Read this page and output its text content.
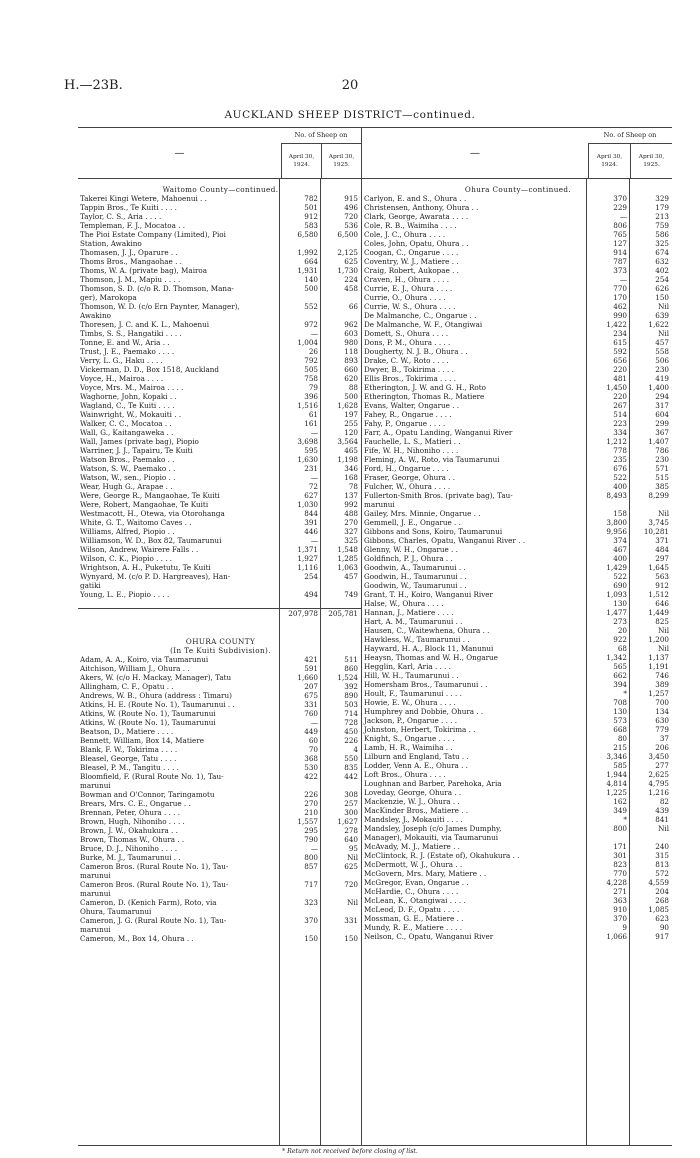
H.—23B.	20
AUCKLAND SHEEP DISTRICT—continued.
—
No. of Sheep on
April 30, 1924.
April 30, 1925.
Waitomo County—continued.
Takerei Kingi Wetere, Mahoenui . .	782	915
Tappin Bros., Te Kuiti . . . .	501	496
Taylor, C. S., Aria . . . .	912	720
Templeman, F. J., Mocatoa . .	583	536
The Pioi Estate Company (Limited), Pioi	6,580	6,500
Station, Awakino
Thomasen, J. J., Oparure . .	1,992	2,125
Thoms Bros., Mangaohae . .	664	625
Thoms, W. A. (private bag), Mairoa	1,931	1,730
Thomson, J. M., Mapiu . . . .	140	224
Thomson, S. D. (c/o R. D. Thomson, Mana-	500	458
ger), Marokopa
Thomson, W. D. (c/o Ern Paynter, Manager),	552	66
Awakino
Thoresen, J. C. and K. L., Mahoenui	972	962
Timbs, S. S., Hangatiki . . . .	—	603
Tonne, E. and W., Aria . .	1,004	980
Trust, J. E., Paemako . . . .	26	118
Verry, L. G., Haku . . . .	792	893
Vickerman, D. D., Box 1518, Auckland	505	660
Voyce, H., Mairoa . . . .	758	620
Voyce, Mrs. M., Mairoa . . . .	79	88
Waghorne, John, Kopaki . .	396	500
Wagland, C., Te Kuiti . . . .	1,516	1,628
Wainwright, W., Mokauiti . .	61	197
Walker, C. C., Mocatoa . .	161	255
Wall, G., Kaitangaweka . .	—	120
Wall, James (private bag), Piopio	3,698	3,564
Warriner, J. J., Tapairu, Te Kuiti	595	465
Watson Bros., Paemako . .	1,630	1,198
Watson, S. W., Paemako . .	231	346
Watson, W., sen., Piopio . .	—	168
Wear, Hugh G., Arapae . .	72	78
Were, George R., Mangaohae, Te Kuiti	627	137
Were, Robert, Mangaohae, Te Kuiti	1,030	992
Westmacott, H., Otewa, via Otorohanga	844	488
White, G. T., Waitomo Caves . .	391	270
Williams, Alfred, Piopio . .	446	327
Williamson, W. D., Box 82, Taumarunui	—	325
Wilson, Andrew, Wairere Falls . .	1,371	1,548
Wilson, C. K., Piopio . . . .	1,927	1,285
Wrightson, A. H., Puketutu, Te Kuiti	1,116	1,063
Wynyard, M. (c/o P. D. Hargreaves), Han-	254	457
gatiki
Young, L. E., Piopio . . . .	494	749
207,978	205,781
OHURA COUNTY
(In Te Kuiti Subdivision).
Adam, A. A., Koiro, via Taumarunui	421	511
Aitchison, William J., Ohura . .	591	860
Akers, W. (c/o H. Mackay, Manager), Tatu	1,660	1,524
Allingham, C. F., Opatu . .	207	392
Andrews, W. B., Ohura (address : Timaru)	675	890
Atkins, H. E. (Route No. 1), Taumarunui . .	331	503
Atkins, W. (Route No. 1), Taumarunui	760	714
Atkins, W. (Route No. 1), Taumarunui	—	728
Beatson, D., Matiere . . . .	449	450
Bennett, William, Box 14, Matiere	60	226
Blank, F. W., Tokirima . . . .	70	4
Bleasel, George, Tatu . . . .	368	550
Bleasel, P. M., Tangitu . . . .	530	835
Bloomfield, F. (Rural Route No. 1), Tau-	422	442
marunui
Bowman and O'Connor, Taringamotu	226	308
Brears, Mrs. C. E., Ongarue . .	270	257
Brennan, Peter, Ohura . . . .	210	300
Brown, Hugh, Nihoniho . . . .	1,557	1,627
Brown, J. W., Okahukura . .	295	278
Brown, Thomas W., Ohura . .	790	640
Bruce, D. J., Nihoniho . . . .	—	95
Burke, M. J., Taumarunui . .	800	Nil
Cameron Bros. (Rural Route No. 1), Tau-	857	625
marunui
Cameron Bros. (Rural Route No. 1), Tau-	717	720
marunui
Cameron, D. (Kenich Farm), Roto, via	323	Nil
Ohura, Taumarunui
Cameron, J. G. (Rural Route No. 1), Tau-	370	331
marunui
Cameron, M., Box 14, Ohura . .	150	150
—
No. of Sheep on
April 30, 1924.
April 30, 1925.
Ohura County—continued.
Carlyon, E. and S., Ohura . .	370	329
Christensen, Anthony, Ohura . .	229	179
Clark, George, Awarata . . . .	—	213
Cole, R. B., Waimiha . . . .	806	759
Cole, J. C., Ohura . . . .	765	586
Coles, John, Opatu, Ohura . .	127	325
Coogan, C., Ongarue . . . .	914	674
Coventry, W. J., Matiere . .	787	632
Craig, Robert, Aukopae . .	373	402
Craven, H., Ohura . . . .	—	254
Currie, E. J., Ohura . . . .	770	626
Currie, O., Ohura . . . .	170	150
Currie, W. S., Ohura . . . .	462	Nil
De Malmanche, C., Ongarue . .	990	639
De Malmanche, W. F., Otangiwai	1,422	1,622
Domett, S., Ohura . . . .	234	Nil
Dons, P. M., Ohura . . . .	615	457
Dougherty, N. J. B., Ohura . .	592	558
Drake, C. W., Roto . . . .	656	506
Dwyer, B., Tokirima . . . .	220	230
Ellis Bros., Tokirima . . . .	481	419
Etherington, J. W. and G. H., Roto	1,450	1,400
Etherington, Thomas R., Matiere	220	294
Evans, Walter, Ongarue . .	267	317
Fahey, R., Ongarue . . . .	514	604
Fahy, P., Ongarue . . . .	223	299
Farr, A., Opatu Landing, Wanganui River	334	367
Fauchelle, L. S., Matieri . .	1,212	1,407
Fife, W. H., Nihoniho . . . .	778	786
Fleming, A. W., Roto, via Taumarunui	235	230
Ford, H., Ongarue . . . .	676	571
Fraser, George, Ohura . .	522	515
Fulcher, W., Ohura . . . .	400	385
Fullerton-Smith Bros. (private bag), Tau-	8,493	8,299
marunui
Gailey, Mrs. Minnie, Ongarue . .	158	Nil
Gemmell, J. E., Ongarue . .	3,800	3,745
Gibbons and Sons, Koiro, Taumarunui	9,956	10,281
Gibbons, Charles, Opatu, Wanganui River . .	374	371
Glenny, W. H., Ongarue . .	467	484
Goldfinch, P. J., Ohura . .	400	297
Goodwin, A., Taumarunui . .	1,429	1,645
Goodwin, H., Taumarunui . .	522	563
Goodwin, W., Taumarunui . .	690	912
Grant, T. H., Koiro, Wanganui River	1,093	1,512
Halse, W., Ohura . . . .	130	646
Hannan, J., Matiere . . . .	1,477	1,449
Hart, A. M., Taumarunui . .	273	825
Hausen, C., Waitewhena, Ohura . .	20	Nil
Hawkless, W., Taumarunui . .	922	1,200
Hayward, H. A., Block 11, Manunui	68	Nil
Heaysn, Thomas and W. H., Ongarue	1,342	1,137
Hegglin, Karl, Aria . . . .	565	1,191
Hill, W. H., Taumarunui . .	662	746
Homersham Bros., Taumarunui . .	394	389
Hoult, F., Taumarunui . . . .	*	1,257
Howie, E. W., Ohura . . . .	708	700
Humphrey and Dobbie, Ohura . .	130	134
Jackson, P., Ongarue . . . .	573	630
Johnston, Herbert, Tokirima . .	668	779
Knight, S., Ongarue . . . .	80	37
Lamb, H. R., Waimiha . .	215	206
Lilburn and England, Tatu . .	3,346	3,450
Lodder, Venn A. E., Ohura . .	585	277
Loft Bros., Ohura . . . .	1,944	2,625
Loughnan and Barber, Parehoka, Aria	4,814	4,795
Loveday, George, Ohura . .	1,225	1,216
Mackenzie, W. J., Ohura . .	162	82
MacKinder Bros., Matiere . .	349	439
Mandsley, J., Mokauiti . . . .	*	841
Mandsley, Joseph (c/o James Dumphy,	800	Nil
Manager), Mokauiti, via Taumarunui
McAvady, M. J., Matiere . .	171	240
McClintock, R. J. (Estate of), Okahukura . .	301	315
McDermott, W. J., Ohura . .	823	813
McGovern, Mrs. Mary, Matiere . .	770	572
McGregor, Evan, Ongarue . .	4,228	4,559
McHardie, C., Ohura . . . .	271	204
McLean, K., Otangiwai . . . .	363	268
McLeod, D. F., Opatu . . . .	910	1,085
Mossman, G. E., Matiere . .	370	623
Mundy, R. E., Matiere . . . .	9	90
Neilson, C., Opatu, Wanganui River	1,066	917
* Return not received before closing of list.
